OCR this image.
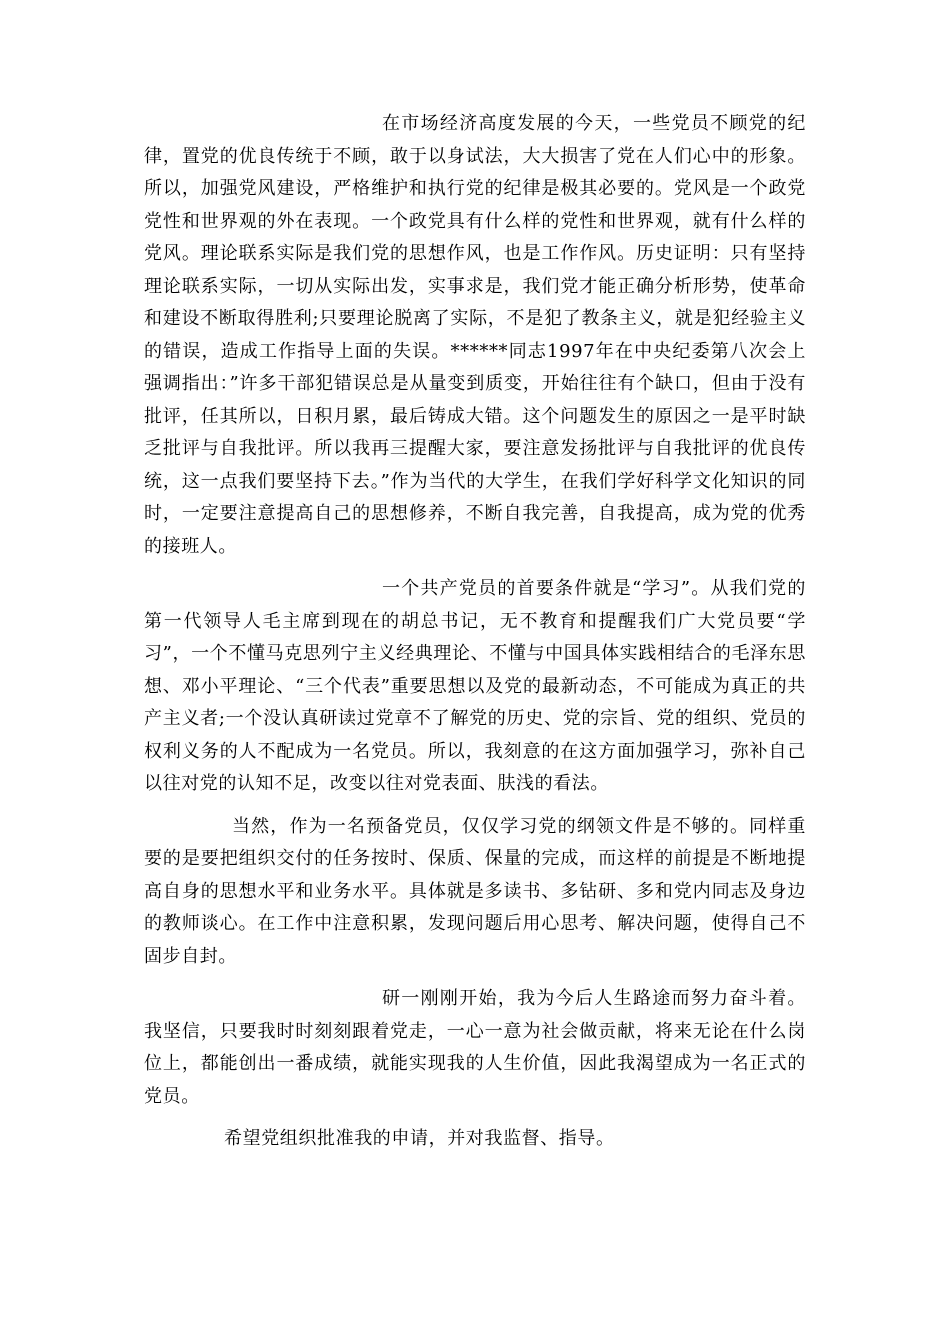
在市场经济高度发展的今天，一些党员不顾党的纪律，置党的优良传统于不顾，敢于以身试法，大大损害了党在人们心中的形象。所以，加强党风建设，严格维护和执行党的纪律是极其必要的。党风是一个政党党性和世界观的外在表现。一个政党具有什么样的党性和世界观，就有什么样的党风。理论联系实际是我们党的思想作风，也是工作作风。历史证明：只有坚持理论联系实际，一切从实际出发，实事求是，我们党才能正确分析形势，使革命和建设不断取得胜利;只要理论脱离了实际，不是犯了教条主义，就是犯经验主义的错误，造成工作指导上面的失误。******同志1997年在中央纪委第八次会上强调指出：”许多干部犯错误总是从量变到质变，开始往往有个缺口，但由于没有批评，任其所以，日积月累，最后铸成大错。这个问题发生的原因之一是平时缺乏批评与自我批评。所以我再三提醒大家，要注意发扬批评与自我批评的优良传统，这一点我们要坚持下去。”作为当代的大学生，在我们学好科学文化知识的同时，一定要注意提高自己的思想修养，不断自我完善，自我提高，成为党的优秀的接班人。

一个共产党员的首要条件就是“学习”。从我们党的第一代领导人毛主席到现在的胡总书记，无不教育和提醒我们广大党员要“学习”，一个不懂马克思列宁主义经典理论、不懂与中国具体实践相结合的毛泽东思想、邓小平理论、“三个代表”重要思想以及党的最新动态，不可能成为真正的共产主义者;一个没认真研读过党章不了解党的历史、党的宗旨、党的组织、党员的权利义务的人不配成为一名党员。所以，我刻意的在这方面加强学习，弥补自己以往对党的认知不足，改变以往对党表面、肤浅的看法。

当然，作为一名预备党员，仅仅学习党的纲领文件是不够的。同样重要的是要把组织交付的任务按时、保质、保量的完成，而这样的前提是不断地提高自身的思想水平和业务水平。具体就是多读书、多钻研、多和党内同志及身边的教师谈心。在工作中注意积累，发现问题后用心思考、解决问题，使得自己不固步自封。

研一刚刚开始，我为今后人生路途而努力奋斗着。我坚信，只要我时时刻刻跟着党走，一心一意为社会做贡献，将来无论在什么岗位上，都能创出一番成绩，就能实现我的人生价值，因此我渴望成为一名正式的党员。

希望党组织批准我的申请，并对我监督、指导。
